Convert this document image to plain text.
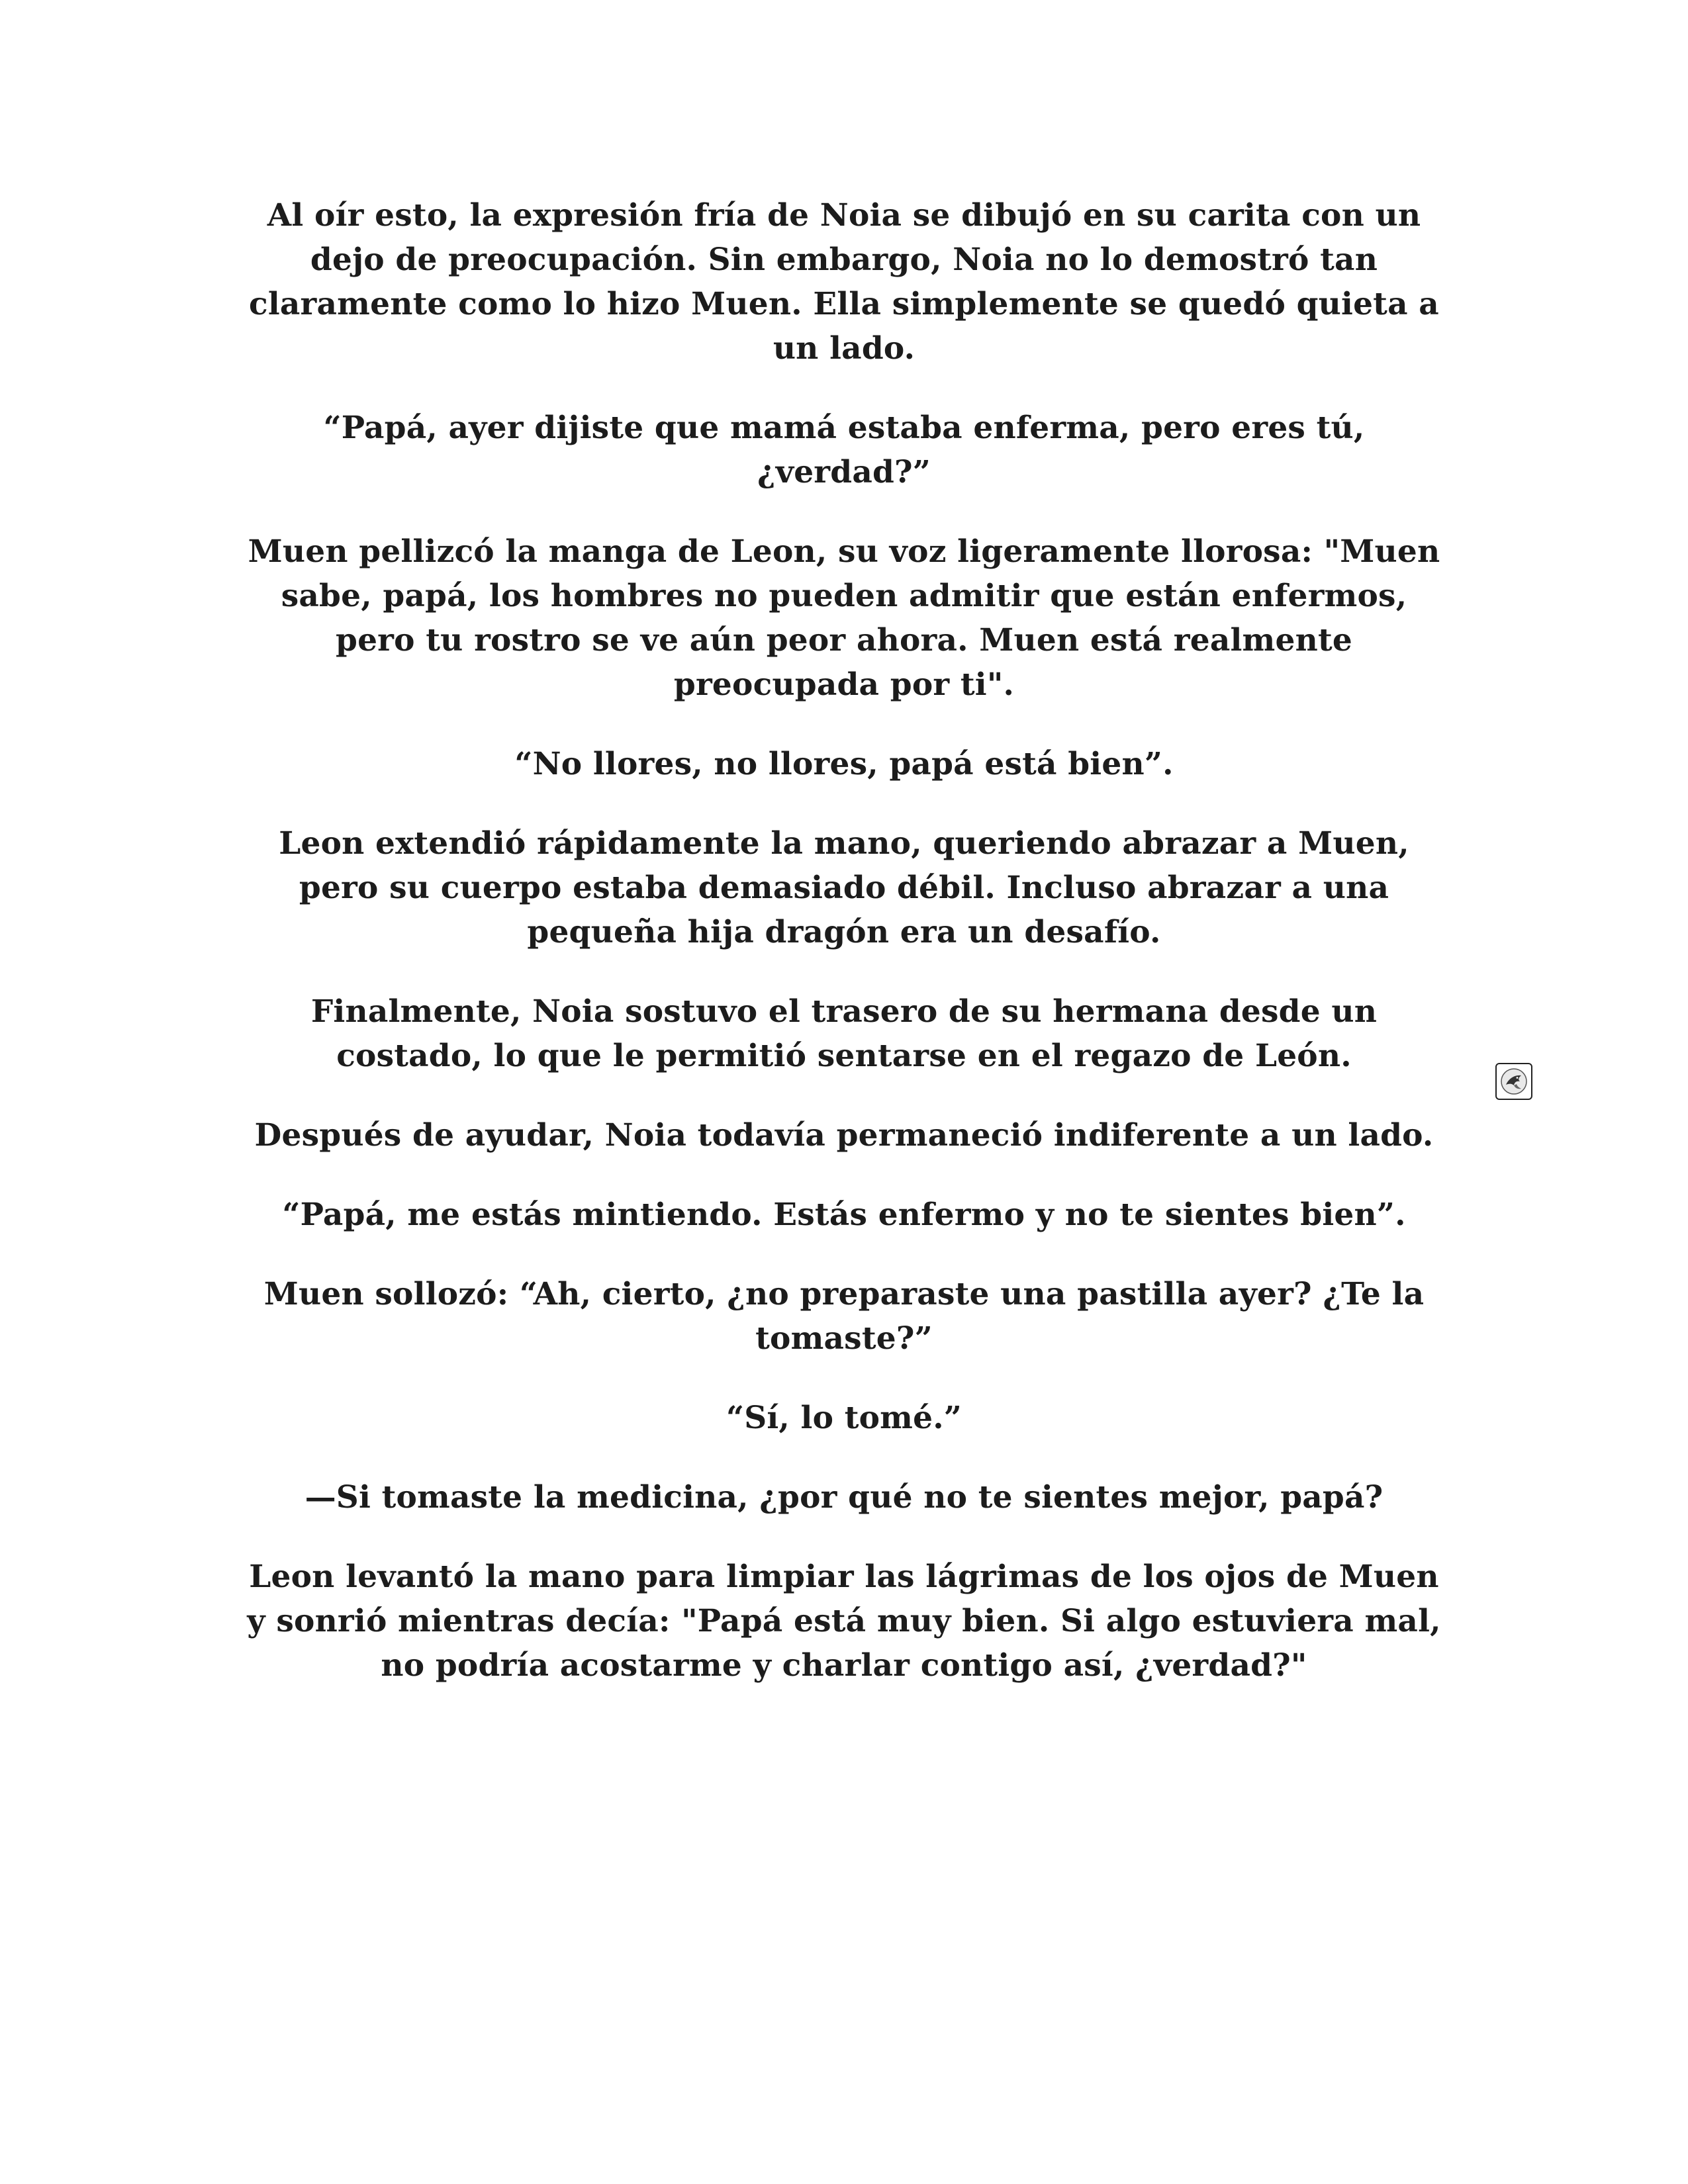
Al oír esto, la expresión fría de Noia se dibujó en su carita con un dejo de preocupación. Sin embargo, Noia no lo demostró tan claramente como lo hizo Muen. Ella simplemente se quedó quieta a un lado.

“Papá, ayer dijiste que mamá estaba enferma, pero eres tú, ¿verdad?”

Muen pellizcó la manga de Leon, su voz ligeramente llorosa: "Muen sabe, papá, los hombres no pueden admitir que están enfermos, pero tu rostro se ve aún peor ahora. Muen está realmente preocupada por ti".

“No llores, no llores, papá está bien”.

Leon extendió rápidamente la mano, queriendo abrazar a Muen, pero su cuerpo estaba demasiado débil. Incluso abrazar a una pequeña hija dragón era un desafío.

Finalmente, Noia sostuvo el trasero de su hermana desde un costado, lo que le permitió sentarse en el regazo de León.

Después de ayudar, Noia todavía permaneció indiferente a un lado.

“Papá, me estás mintiendo. Estás enfermo y no te sientes bien”.

Muen sollozó: “Ah, cierto, ¿no preparaste una pastilla ayer? ¿Te la tomaste?”

“Sí, lo tomé.”

—Si tomaste la medicina, ¿por qué no te sientes mejor, papá?

Leon levantó la mano para limpiar las lágrimas de los ojos de Muen y sonrió mientras decía: "Papá está muy bien. Si algo estuviera mal, no podría acostarme y charlar contigo así, ¿verdad?"
